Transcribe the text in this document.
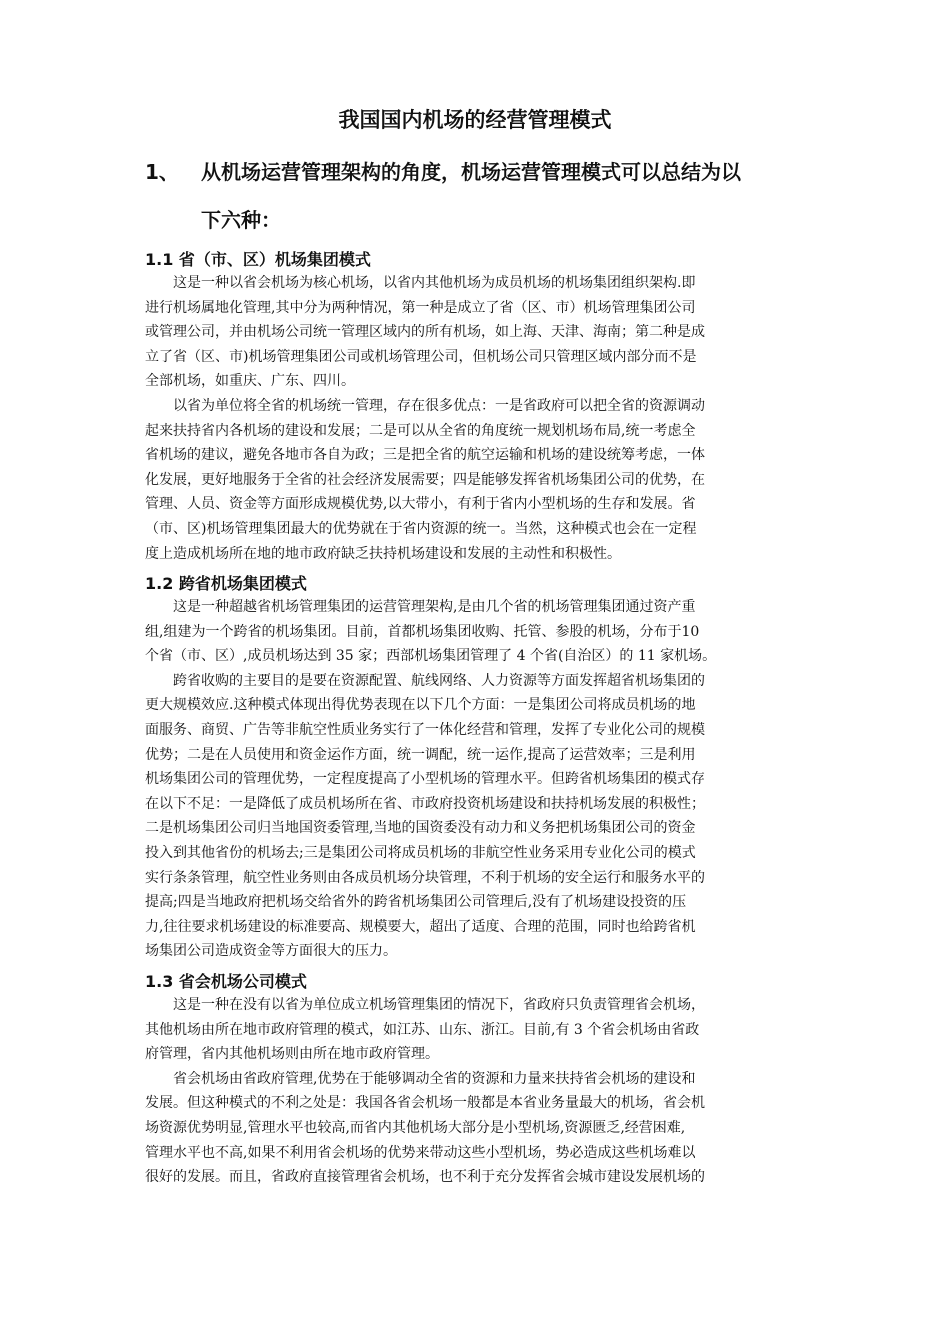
我国国内机场的经营管理模式
1、 从机场运营管理架构的角度，机场运营管理模式可以总结为以
下六种：
1.1 省（市、区）机场集团模式
这是一种以省会机场为核心机场，以省内其他机场为成员机场的机场集团组织架构.即
进行机场属地化管理,其中分为两种情况，第一种是成立了省（区、市）机场管理集团公司
或管理公司，并由机场公司统一管理区域内的所有机场，如上海、天津、海南；第二种是成
立了省（区、市)机场管理集团公司或机场管理公司，但机场公司只管理区域内部分而不是
全部机场，如重庆、广东、四川。
以省为单位将全省的机场统一管理，存在很多优点：一是省政府可以把全省的资源调动
起来扶持省内各机场的建设和发展；二是可以从全省的角度统一规划机场布局,统一考虑全
省机场的建议，避免各地市各自为政；三是把全省的航空运输和机场的建设统筹考虑，一体
化发展，更好地服务于全省的社会经济发展需要；四是能够发挥省机场集团公司的优势，在
管理、人员、资金等方面形成规模优势,以大带小，有利于省内小型机场的生存和发展。省
（市、区)机场管理集团最大的优势就在于省内资源的统一。当然，这种模式也会在一定程
度上造成机场所在地的地市政府缺乏扶持机场建设和发展的主动性和积极性。
1.2 跨省机场集团模式
这是一种超越省机场管理集团的运营管理架构,是由几个省的机场管理集团通过资产重
组,组建为一个跨省的机场集团。目前，首都机场集团收购、托管、参股的机场，分布于10
个省（市、区）,成员机场达到 35 家；西部机场集团管理了 4 个省(自治区）的 11 家机场。
跨省收购的主要目的是要在资源配置、航线网络、人力资源等方面发挥超省机场集团的
更大规模效应.这种模式体现出得优势表现在以下几个方面：一是集团公司将成员机场的地
面服务、商贸、广告等非航空性质业务实行了一体化经营和管理，发挥了专业化公司的规模
优势；二是在人员使用和资金运作方面，统一调配，统一运作,提高了运营效率；三是利用
机场集团公司的管理优势，一定程度提高了小型机场的管理水平。但跨省机场集团的模式存
在以下不足：一是降低了成员机场所在省、市政府投资机场建设和扶持机场发展的积极性；
二是机场集团公司归当地国资委管理,当地的国资委没有动力和义务把机场集团公司的资金
投入到其他省份的机场去;三是集团公司将成员机场的非航空性业务采用专业化公司的模式
实行条条管理，航空性业务则由各成员机场分块管理，不利于机场的安全运行和服务水平的
提高;四是当地政府把机场交给省外的跨省机场集团公司管理后,没有了机场建设投资的压
力,往往要求机场建设的标准要高、规模要大，超出了适度、合理的范围，同时也给跨省机
场集团公司造成资金等方面很大的压力。
1.3 省会机场公司模式
这是一种在没有以省为单位成立机场管理集团的情况下，省政府只负责管理省会机场，
其他机场由所在地市政府管理的模式，如江苏、山东、浙江。目前,有 3 个省会机场由省政
府管理，省内其他机场则由所在地市政府管理。
省会机场由省政府管理,优势在于能够调动全省的资源和力量来扶持省会机场的建设和
发展。但这种模式的不利之处是：我国各省会机场一般都是本省业务量最大的机场，省会机
场资源优势明显,管理水平也较高,而省内其他机场大部分是小型机场,资源匮乏,经营困难,
管理水平也不高,如果不利用省会机场的优势来带动这些小型机场，势必造成这些机场难以
很好的发展。而且，省政府直接管理省会机场，也不利于充分发挥省会城市建设发展机场的
